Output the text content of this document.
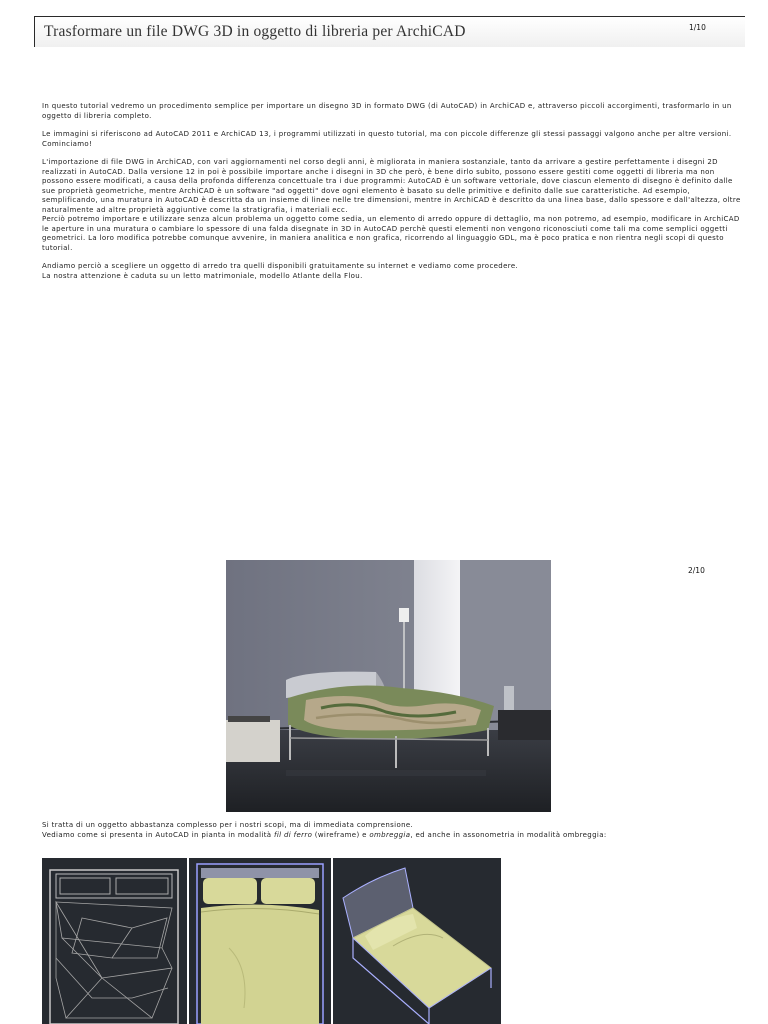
Trasformare un file DWG 3D in oggetto di libreria per ArchiCAD	1/10

In questo tutorial vedremo un procedimento semplice per importare un disegno 3D in formato DWG (di AutoCAD) in ArchiCAD e, attraverso piccoli accorgimenti, trasformarlo in un oggetto di libreria completo.

Le immagini si riferiscono ad AutoCAD 2011 e ArchiCAD 13, i programmi utilizzati in questo tutorial, ma con piccole differenze gli stessi passaggi valgono anche per altre versioni. Cominciamo!

L'importazione di file DWG in ArchiCAD, con vari aggiornamenti nel corso degli anni, è migliorata in maniera sostanziale, tanto da arrivare a gestire perfettamente i disegni 2D realizzati in AutoCAD. Dalla versione 12 in poi è possibile importare anche i disegni in 3D che però, è bene dirlo subito, possono essere gestiti come oggetti di libreria ma non possono essere modificati, a causa della profonda differenza concettuale tra i due programmi: AutoCAD è un software vettoriale, dove ciascun elemento di disegno è definito dalle sue proprietà geometriche, mentre ArchiCAD è un software "ad oggetti" dove ogni elemento è basato su delle primitive e definito dalle sue caratteristiche. Ad esempio, semplificando, una muratura in AutoCAD è descritta da un insieme di linee nelle tre dimensioni, mentre in ArchiCAD è descritto da una linea base, dallo spessore e dall'altezza, oltre naturalmente ad altre proprietà aggiuntive come la stratigrafia, i materiali ecc.

Perciò potremo importare e utilizzare senza alcun problema un oggetto come sedia, un elemento di arredo oppure di dettaglio, ma non potremo, ad esempio, modificare in ArchiCAD le aperture in una muratura o cambiare lo spessore di una falda disegnate in 3D in AutoCAD perchè questi elementi non vengono riconosciuti come tali ma come semplici oggetti geometrici. La loro modifica potrebbe comunque avvenire, in maniera analitica e non grafica, ricorrendo al linguaggio GDL, ma è poco pratica e non rientra negli scopi di questo tutorial.

Andiamo perciò a scegliere un oggetto di arredo tra quelli disponibili gratuitamente su internet e vediamo come procedere.

La nostra attenzione è caduta su un letto matrimoniale, modello Atlante della Flou.

2/10
Si tratta di un oggetto abbastanza complesso per i nostri scopi, ma di immediata comprensione.
Vediamo come si presenta in AutoCAD in pianta in modalità fil di ferro (wireframe) e ombreggia, ed anche in assonometria in modalità ombreggia:
